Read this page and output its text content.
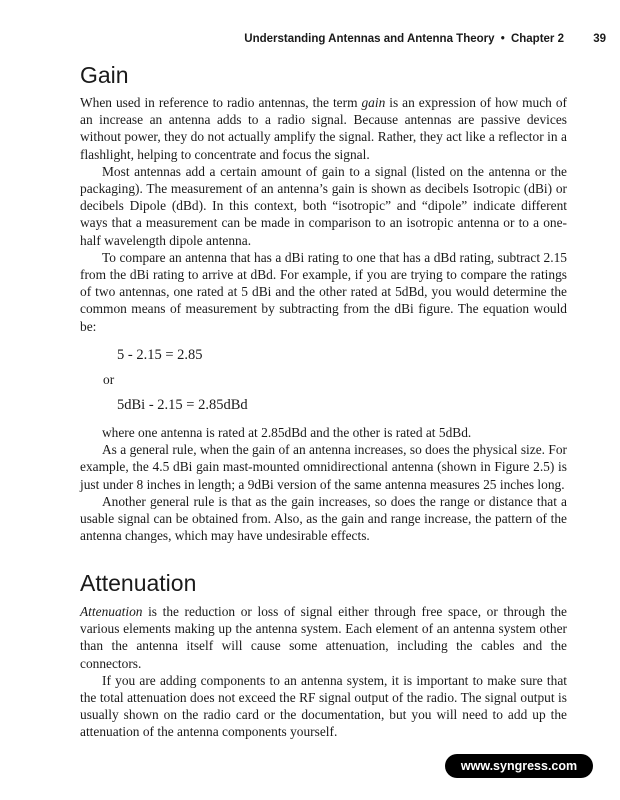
Understanding Antennas and Antenna Theory • Chapter 2	39
Gain

When used in reference to radio antennas, the term gain is an expression of how much of an increase an antenna adds to a radio signal. Because antennas are passive devices without power, they do not actually amplify the signal. Rather, they act like a reflector in a flashlight, helping to concentrate and focus the signal.

Most antennas add a certain amount of gain to a signal (listed on the antenna or the packaging). The measurement of an antenna’s gain is shown as decibels Isotropic (dBi) or decibels Dipole (dBd). In this context, both “isotropic” and “dipole” indicate different ways that a measurement can be made in comparison to an isotropic antenna or to a one-half wavelength dipole antenna.

To compare an antenna that has a dBi rating to one that has a dBd rating, subtract 2.15 from the dBi rating to arrive at dBd. For example, if you are trying to compare the ratings of two antennas, one rated at 5 dBi and the other rated at 5dBd, you would determine the common means of measurement by subtracting from the dBi figure. The equation would be:

5 - 2.15 = 2.85
or
5dBi - 2.15 = 2.85dBd

where one antenna is rated at 2.85dBd and the other is rated at 5dBd.

As a general rule, when the gain of an antenna increases, so does the physical size. For example, the 4.5 dBi gain mast-mounted omnidirectional antenna (shown in Figure 2.5) is just under 8 inches in length; a 9dBi version of the same antenna measures 25 inches long.

Another general rule is that as the gain increases, so does the range or distance that a usable signal can be obtained from. Also, as the gain and range increase, the pattern of the antenna changes, which may have undesirable effects.

Attenuation

Attenuation is the reduction or loss of signal either through free space, or through the various elements making up the antenna system. Each element of an antenna system other than the antenna itself will cause some attenuation, including the cables and the connectors.

If you are adding components to an antenna system, it is important to make sure that the total attenuation does not exceed the RF signal output of the radio. The signal output is usually shown on the radio card or the documentation, but you will need to add up the attenuation of the antenna components yourself.

www.syngress.com
